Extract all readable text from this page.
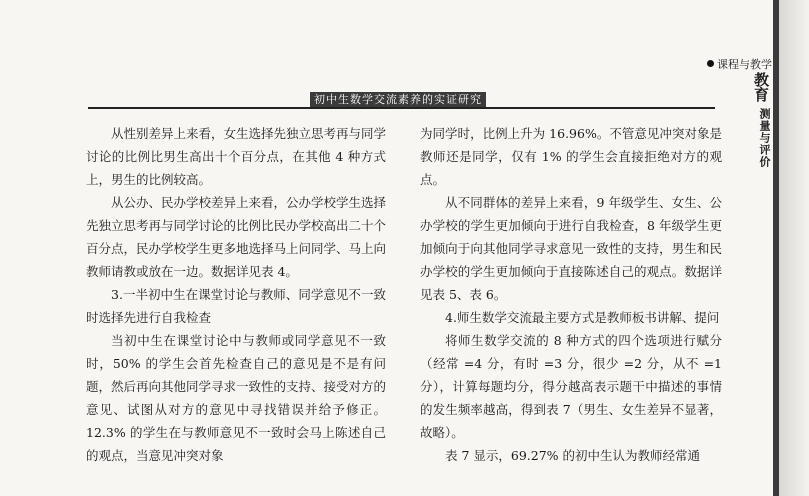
课程与教学
教育
测量与评价
初中生数学交流素养的实证研究

从性别差异上来看，女生选择先独立思考再与同学讨论的比例比男生高出十个百分点，在其他 4 种方式上，男生的比例较高。

从公办、民办学校差异上来看，公办学校学生选择先独立思考再与同学讨论的比例比民办学校高出二十个百分点，民办学校学生更多地选择马上问同学、马上向教师请教或放在一边。数据详见表 4。

3.一半初中生在课堂讨论与教师、同学意见不一致时选择先进行自我检查

当初中生在课堂讨论中与教师或同学意见不一致时，50% 的学生会首先检查自己的意见是不是有问题，然后再向其他同学寻求一致性的支持、接受对方的意见、试图从对方的意见中寻找错误并给予修正。12.3% 的学生在与教师意见不一致时会马上陈述自己的观点，当意见冲突对象

为同学时，比例上升为 16.96%。不管意见冲突对象是教师还是同学，仅有 1% 的学生会直接拒绝对方的观点。

从不同群体的差异上来看，9 年级学生、女生、公办学校的学生更加倾向于进行自我检查，8 年级学生更加倾向于向其他同学寻求意见一致性的支持，男生和民办学校的学生更加倾向于直接陈述自己的观点。数据详见表 5、表 6。

4.师生数学交流最主要方式是教师板书讲解、提问

将师生数学交流的 8 种方式的四个选项进行赋分（经常 =4 分，有时 =3 分，很少 =2 分，从不 =1 分），计算每题均分，得分越高表示题干中描述的事情的发生频率越高，得到表 7（男生、女生差异不显著，故略）。

表 7 显示，69.27% 的初中生认为教师经常通
